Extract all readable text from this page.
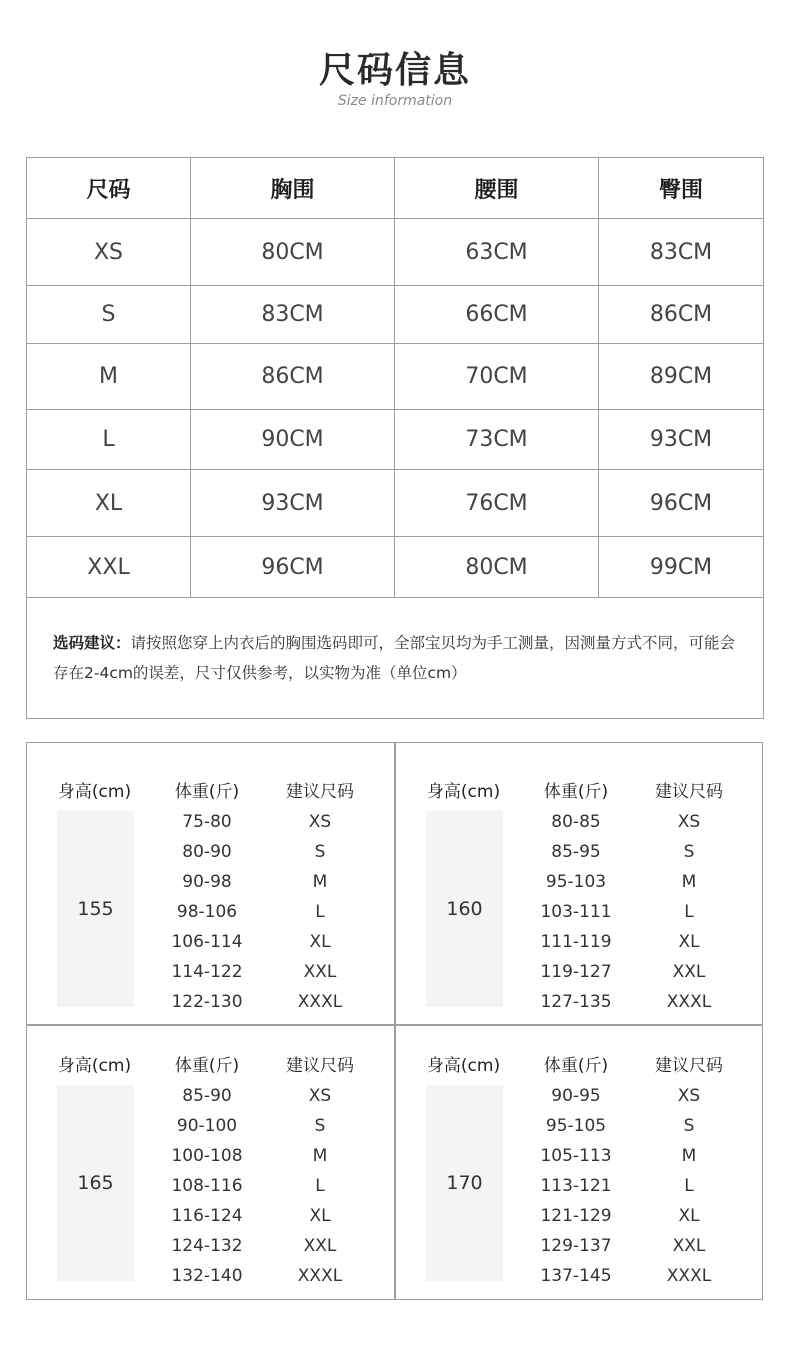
尺码信息
Size information
尺码	胸围	腰围	臀围
XS	80CM	63CM	83CM
S	83CM	66CM	86CM
M	86CM	70CM	89CM
L	90CM	73CM	93CM
XL	93CM	76CM	96CM
XXL	96CM	80CM	99CM
选码建议：请按照您穿上内衣后的胸围选码即可，全部宝贝均为手工测量，因测量方式不同，可能会存在2-4cm的误差，尺寸仅供参考，以实物为准（单位cm）			
身高(cm)	体重(斤)	建议尺码
155
75-80	XS
80-90	S
90-98	M
98-106	L
106-114	XL
114-122	XXL
122-130	XXXL
身高(cm)	体重(斤)	建议尺码
160
80-85	XS
85-95	S
95-103	M
103-111	L
111-119	XL
119-127	XXL
127-135	XXXL
身高(cm)	体重(斤)	建议尺码
165
85-90	XS
90-100	S
100-108	M
108-116	L
116-124	XL
124-132	XXL
132-140	XXXL
身高(cm)	体重(斤)	建议尺码
170
90-95	XS
95-105	S
105-113	M
113-121	L
121-129	XL
129-137	XXL
137-145	XXXL
